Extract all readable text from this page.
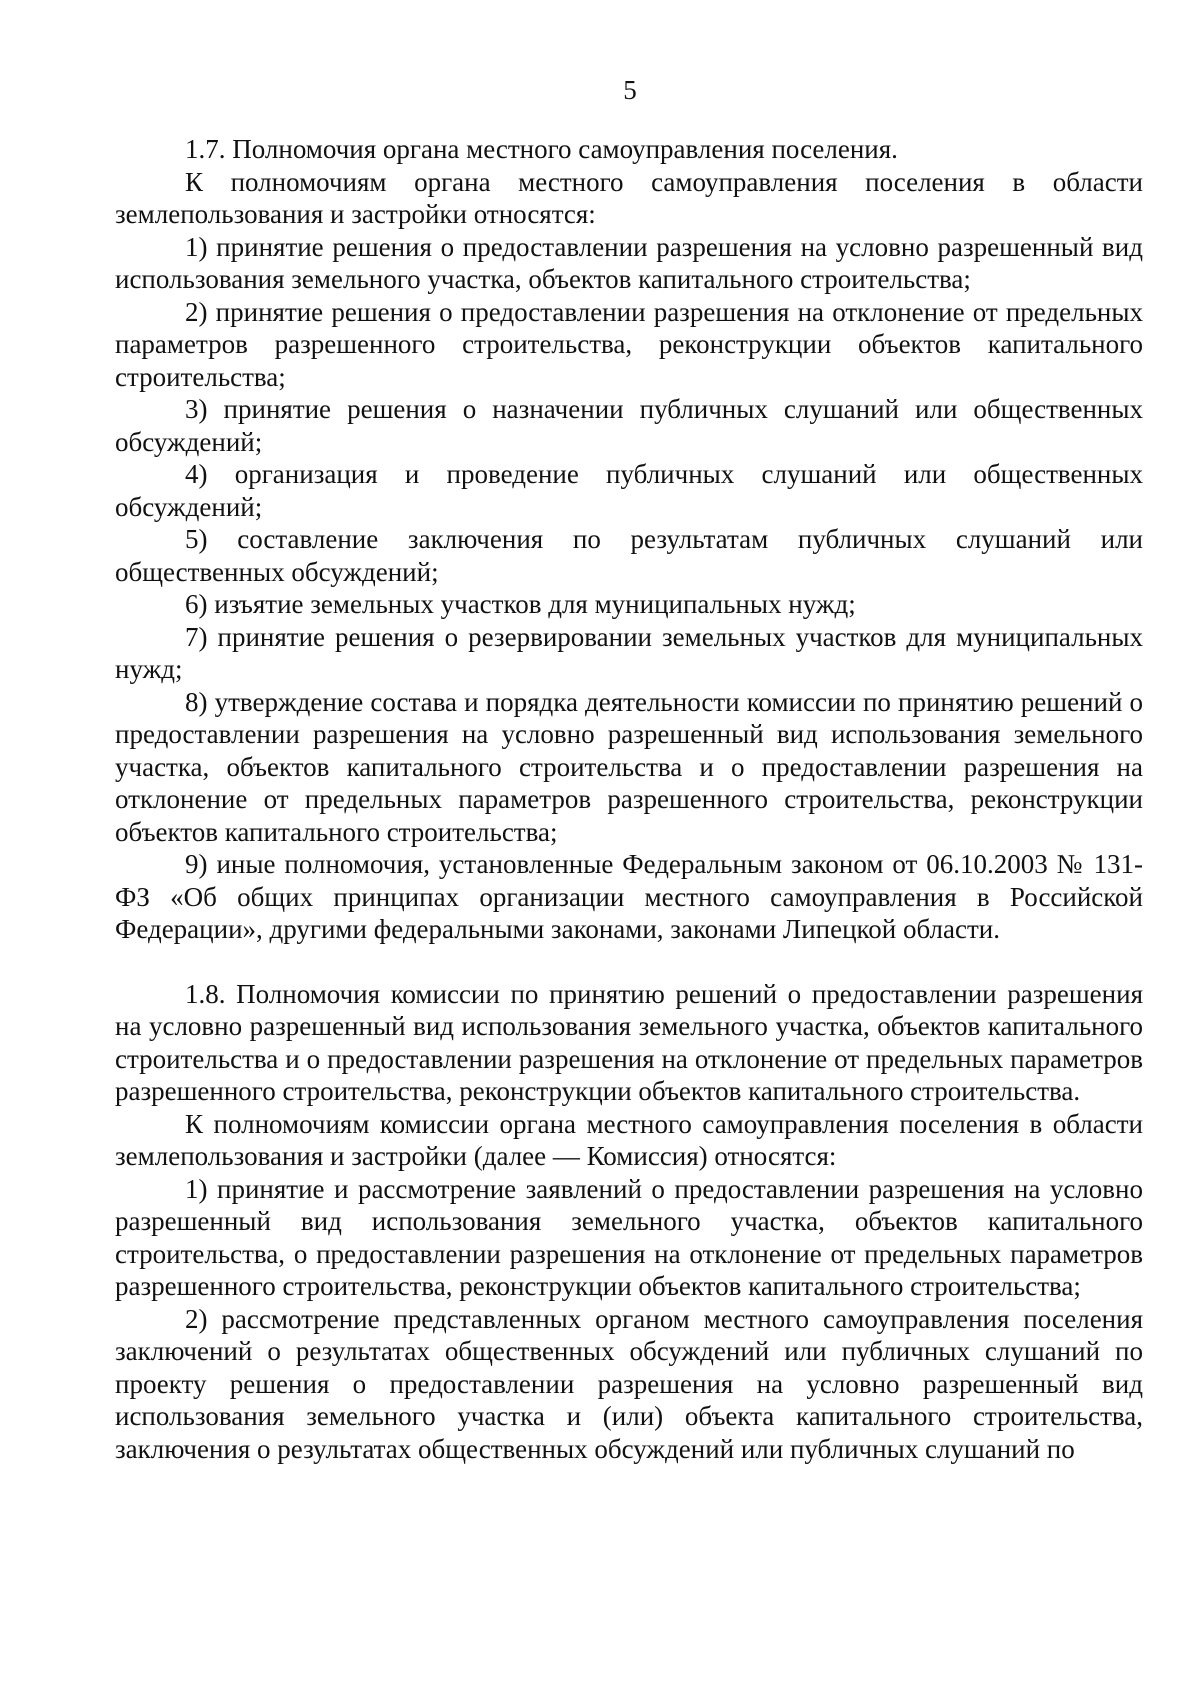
5

1.7. Полномочия органа местного самоуправления поселения.

К полномочиям органа местного самоуправления поселения в области землепользования и застройки относятся:

1) принятие решения о предоставлении разрешения на условно разрешенный вид использования земельного участка, объектов капитального строительства;

2) принятие решения о предоставлении разрешения на отклонение от предельных параметров разрешенного строительства, реконструкции объектов капитального строительства;

3) принятие решения о назначении публичных слушаний или общественных обсуждений;

4) организация и проведение публичных слушаний или общественных обсуждений;

5) составление заключения по результатам публичных слушаний или общественных обсуждений;

6) изъятие земельных участков для муниципальных нужд;

7) принятие решения о резервировании земельных участков для муниципальных нужд;

8) утверждение состава и порядка деятельности комиссии по принятию решений о предоставлении разрешения на условно разрешенный вид использования земельного участка, объектов капитального строительства и о предоставлении разрешения на отклонение от предельных параметров разрешенного строительства, реконструкции объектов капитального строительства;

9) иные полномочия, установленные Федеральным законом от 06.10.2003 № 131-ФЗ «Об общих принципах организации местного самоуправления в Российской Федерации», другими федеральными законами, законами Липецкой области.

1.8. Полномочия комиссии по принятию решений о предоставлении разрешения на условно разрешенный вид использования земельного участка, объектов капитального строительства и о предоставлении разрешения на отклонение от предельных параметров разрешенного строительства, реконструкции объектов капитального строительства.

К полномочиям комиссии органа местного самоуправления поселения в области землепользования и застройки (далее — Комиссия) относятся:

1) принятие и рассмотрение заявлений о предоставлении разрешения на условно разрешенный вид использования земельного участка, объектов капитального строительства, о предоставлении разрешения на отклонение от предельных параметров разрешенного строительства, реконструкции объектов капитального строительства;

2) рассмотрение представленных органом местного самоуправления поселения заключений о результатах общественных обсуждений или публичных слушаний по проекту решения о предоставлении разрешения на условно разрешенный вид использования земельного участка и (или) объекта капитального строительства, заключения о результатах общественных обсуждений или публичных слушаний по
